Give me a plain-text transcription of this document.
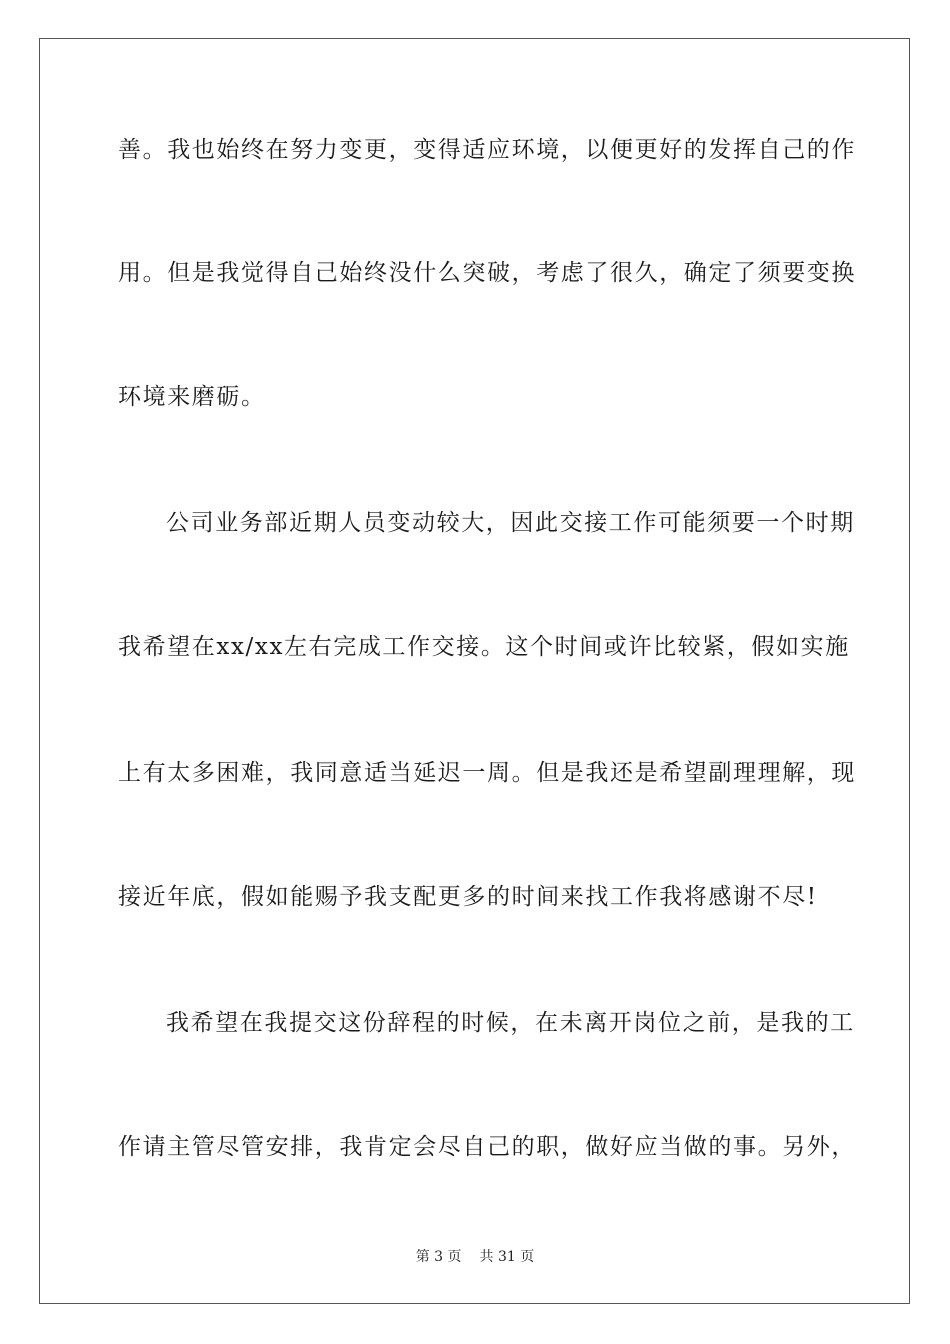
善。我也始终在努力变更，变得适应环境，以便更好的发挥自己的作
用。但是我觉得自己始终没什么突破，考虑了很久，确定了须要变换
环境来磨砺。
公司业务部近期人员变动较大，因此交接工作可能须要一个时期
我希望在xx/xx左右完成工作交接。这个时间或许比较紧，假如实施
上有太多困难，我同意适当延迟一周。但是我还是希望副理理解，现
接近年底，假如能赐予我支配更多的时间来找工作我将感谢不尽!
我希望在我提交这份辞程的时候，在未离开岗位之前，是我的工
作请主管尽管安排，我肯定会尽自己的职，做好应当做的事。另外，
第 3 页 共 31 页
